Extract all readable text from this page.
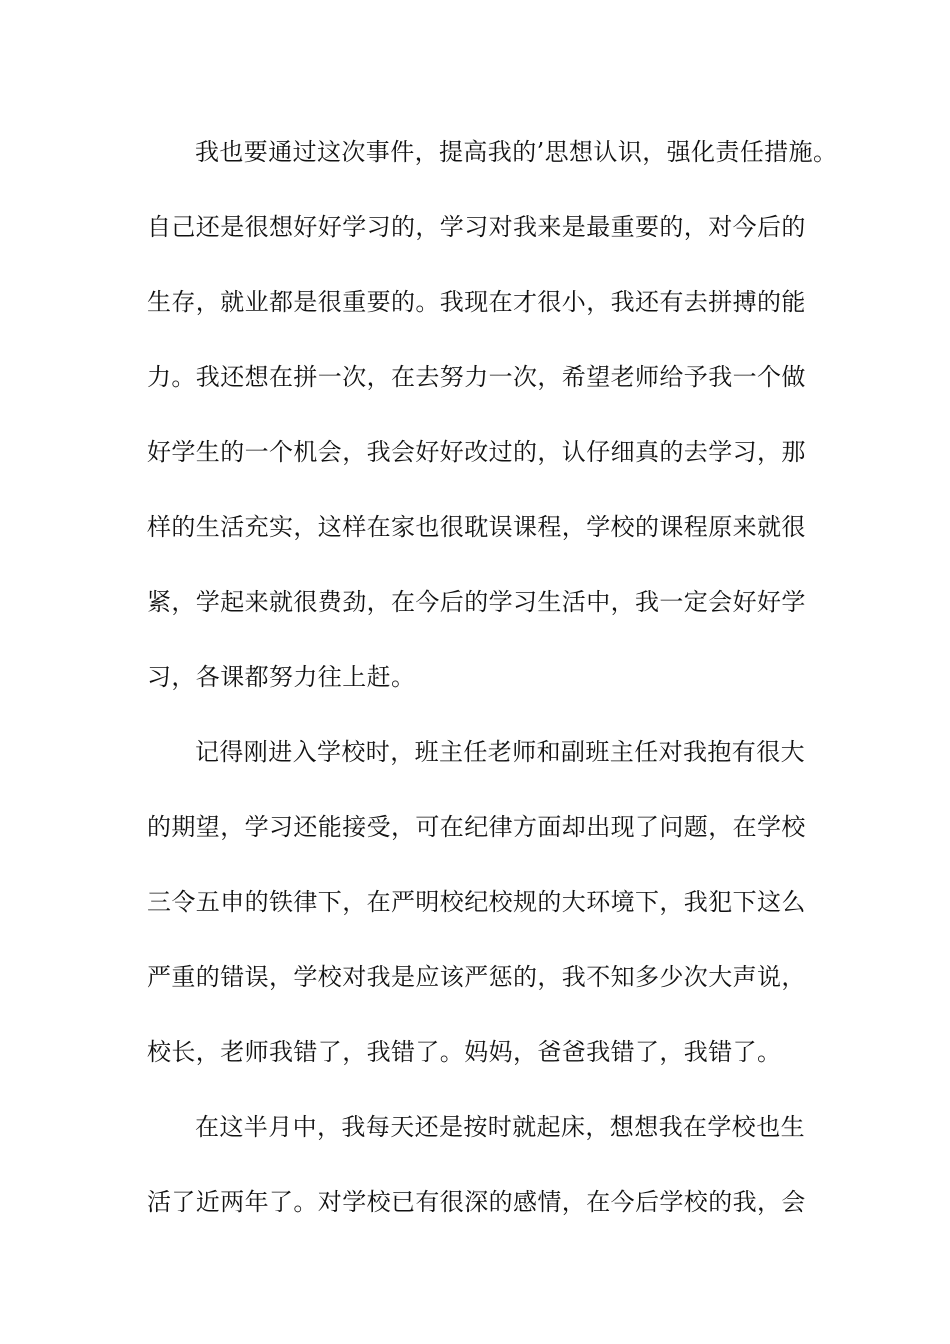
我也要通过这次事件，提高我的’思想认识，强化责任措施。
自己还是很想好好学习的，学习对我来是最重要的，对今后的
生存，就业都是很重要的。我现在才很小，我还有去拼搏的能
力。我还想在拼一次，在去努力一次，希望老师给予我一个做
好学生的一个机会，我会好好改过的，认仔细真的去学习，那
样的生活充实，这样在家也很耽误课程，学校的课程原来就很
紧，学起来就很费劲，在今后的学习生活中，我一定会好好学
习，各课都努力往上赶。
记得刚进入学校时，班主任老师和副班主任对我抱有很大
的期望，学习还能接受，可在纪律方面却出现了问题，在学校
三令五申的铁律下，在严明校纪校规的大环境下，我犯下这么
严重的错误，学校对我是应该严惩的，我不知多少次大声说，
校长，老师我错了，我错了。妈妈，爸爸我错了，我错了。
在这半月中，我每天还是按时就起床，想想我在学校也生
活了近两年了。对学校已有很深的感情，在今后学校的我，会
